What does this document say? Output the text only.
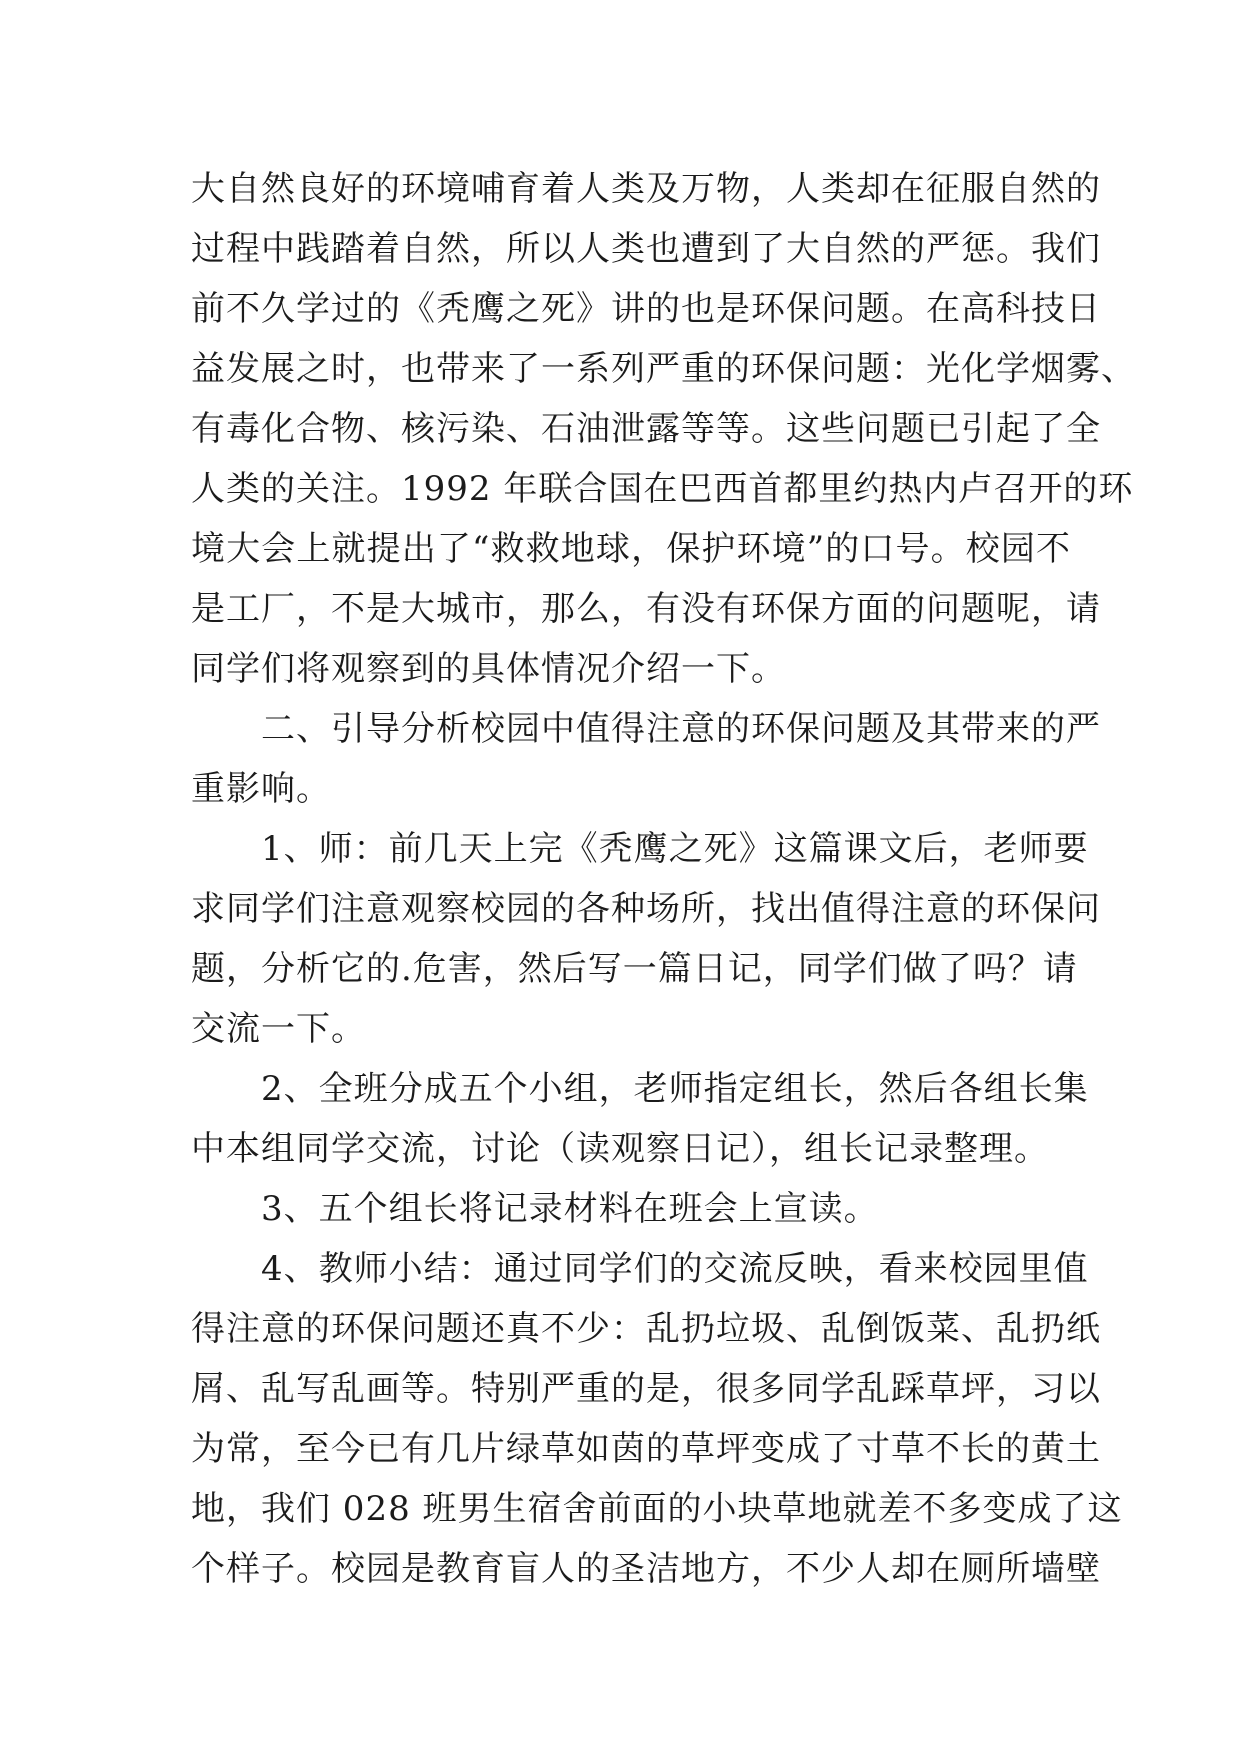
大自然良好的环境哺育着人类及万物，人类却在征服自然的
过程中践踏着自然，所以人类也遭到了大自然的严惩。我们
前不久学过的《秃鹰之死》讲的也是环保问题。在高科技日
益发展之时，也带来了一系列严重的环保问题：光化学烟雾、
有毒化合物、核污染、石油泄露等等。这些问题已引起了全
人类的关注。1992 年联合国在巴西首都里约热内卢召开的环
境大会上就提出了“救救地球，保护环境”的口号。校园不
是工厂，不是大城市，那么，有没有环保方面的问题呢，请
同学们将观察到的具体情况介绍一下。
二、引导分析校园中值得注意的环保问题及其带来的严
重影响。
1、师：前几天上完《秃鹰之死》这篇课文后，老师要
求同学们注意观察校园的各种场所，找出值得注意的环保问
题，分析它的.危害，然后写一篇日记，同学们做了吗？请
交流一下。
2、全班分成五个小组，老师指定组长，然后各组长集
中本组同学交流，讨论（读观察日记），组长记录整理。
3、五个组长将记录材料在班会上宣读。
4、教师小结：通过同学们的交流反映，看来校园里值
得注意的环保问题还真不少：乱扔垃圾、乱倒饭菜、乱扔纸
屑、乱写乱画等。特别严重的是，很多同学乱踩草坪，习以
为常，至今已有几片绿草如茵的草坪变成了寸草不长的黄土
地，我们 028 班男生宿舍前面的小块草地就差不多变成了这
个样子。校园是教育盲人的圣洁地方，不少人却在厕所墙壁
